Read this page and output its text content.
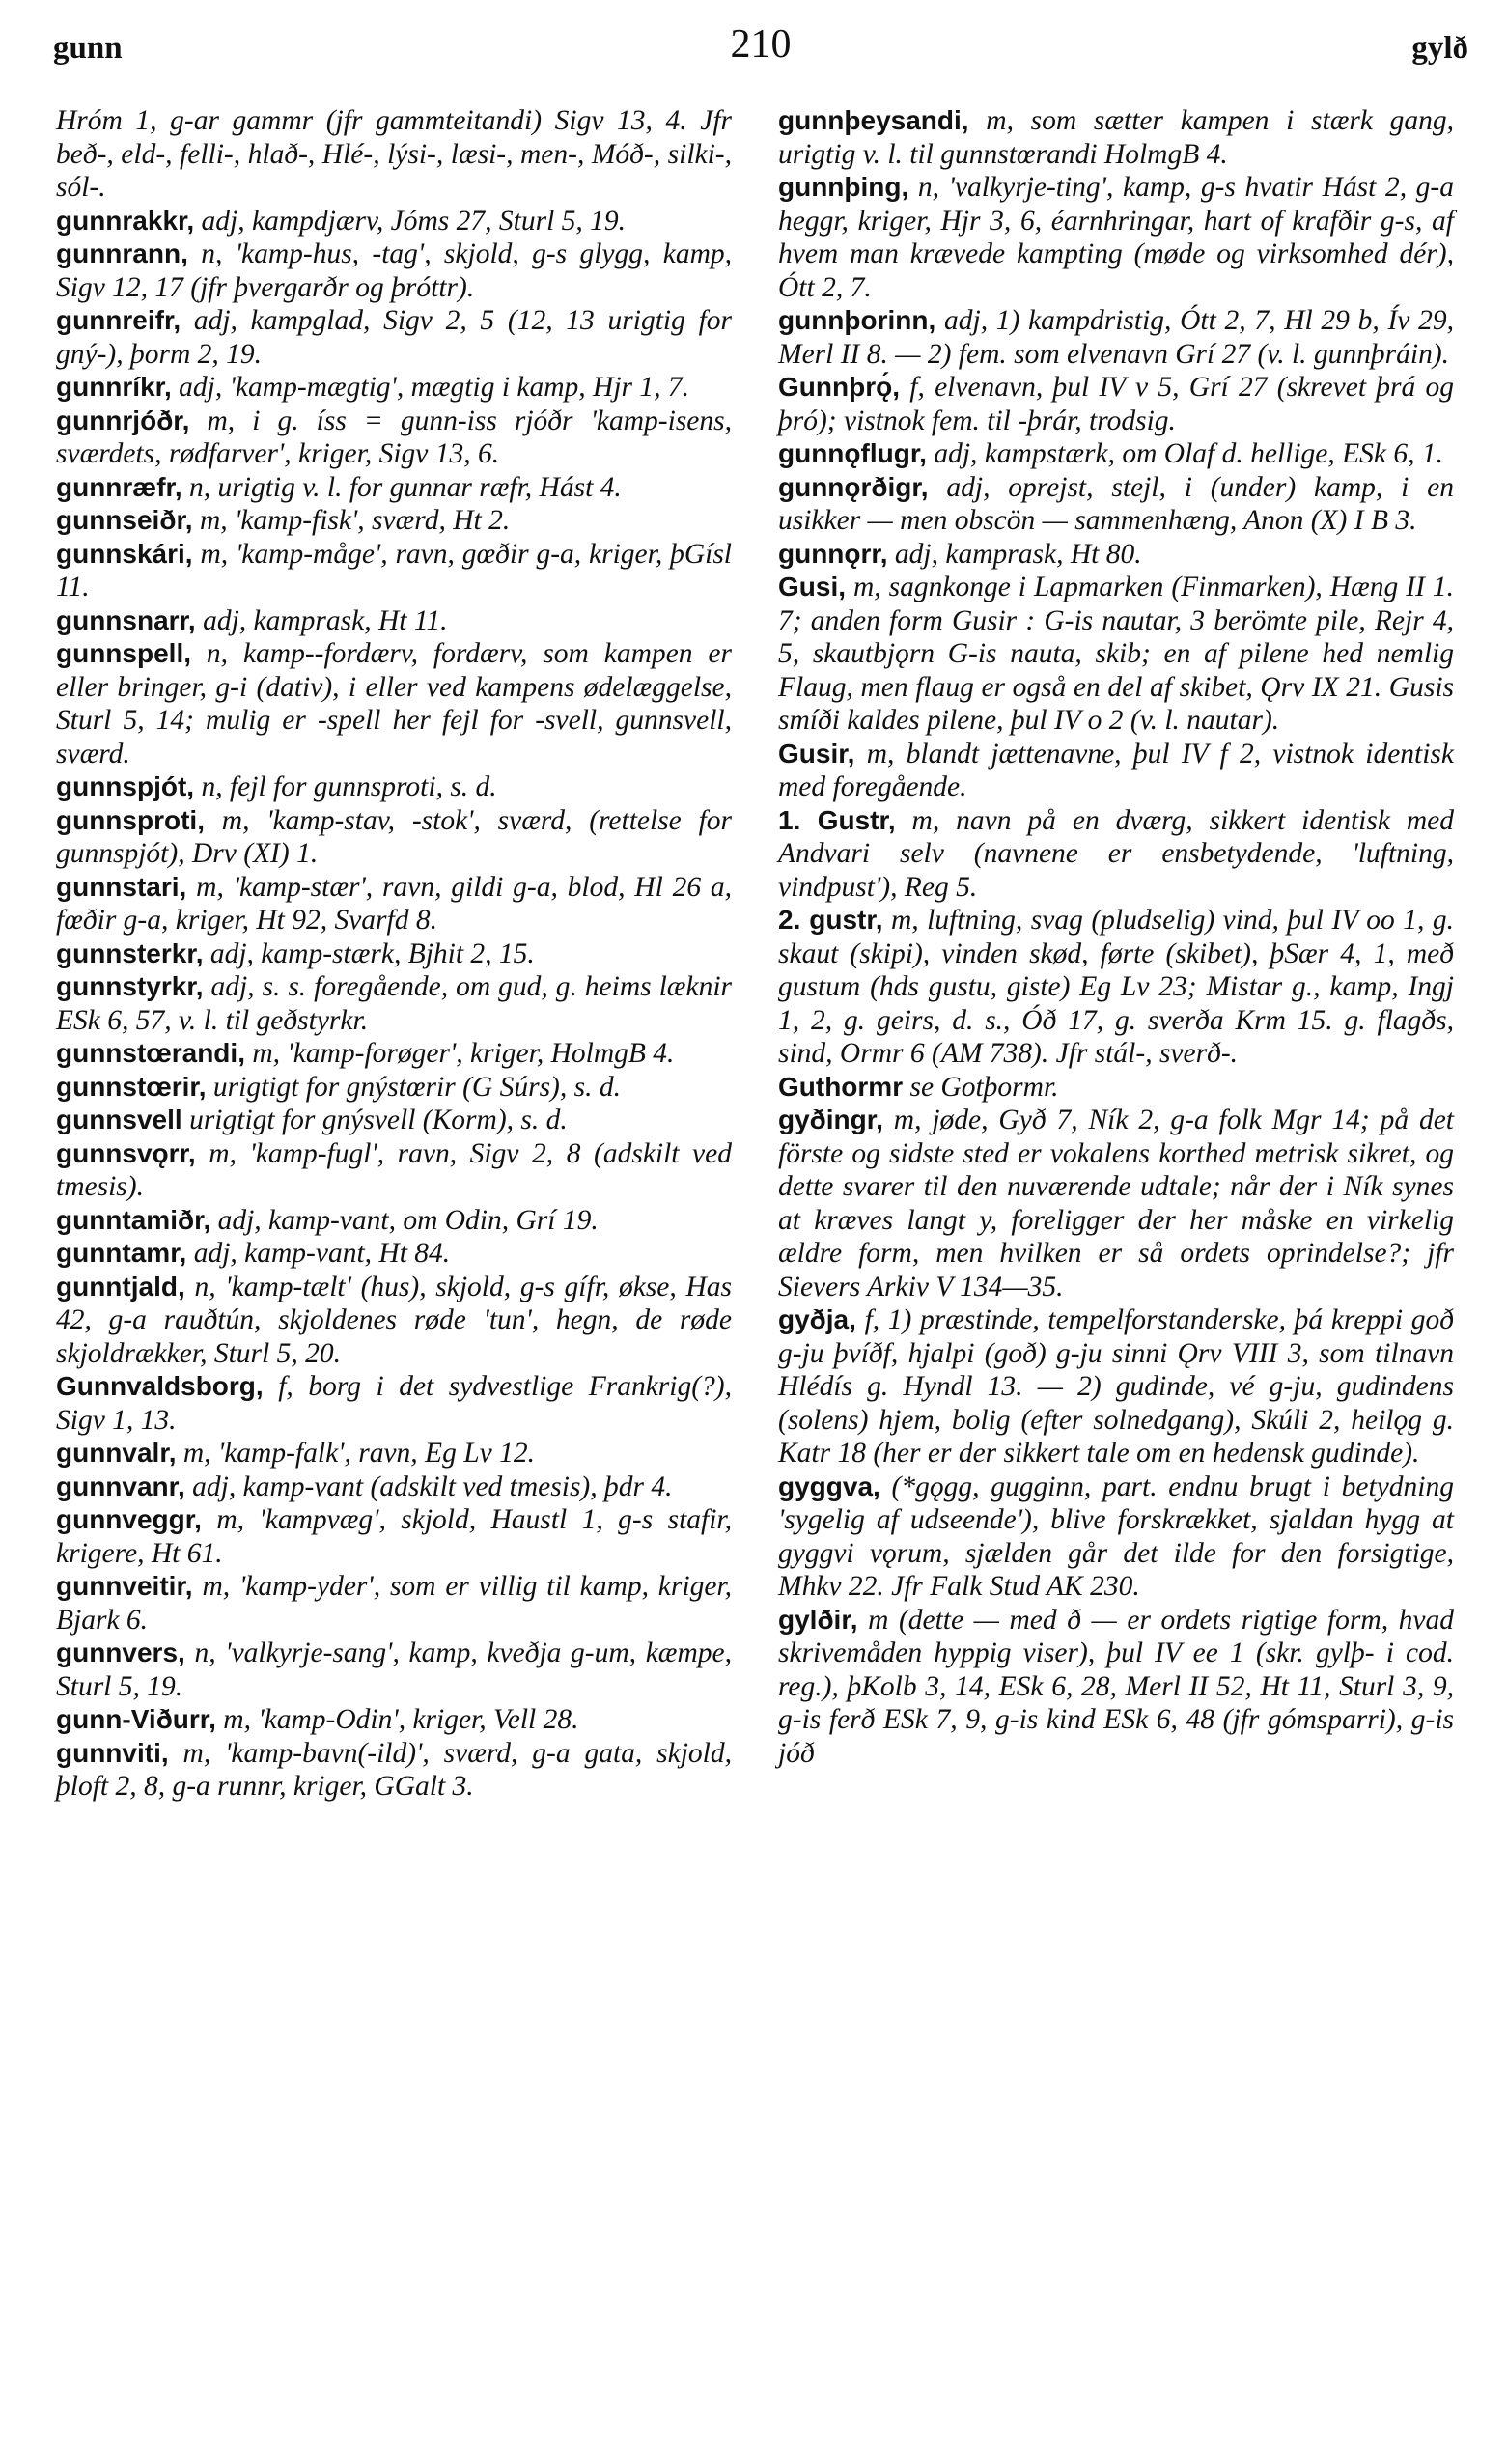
gunn	210	gylð

Hróm 1, g-ar gammr (jfr gammteitandi) Sigv 13, 4. Jfr beð-, eld-, felli-, hlað-, Hlé-, lýsi-, læsi-, men-, Móð-, silki-, sól-.

gunnrakkr, adj, kampdjærv, Jóms 27, Sturl 5, 19.

gunnrann, n, 'kamp-hus, -tag', skjold, g-s glygg, kamp, Sigv 12, 17 (jfr þvergarðr og þróttr).

gunnreifr, adj, kampglad, Sigv 2, 5 (12, 13 urigtig for gný-), þorm 2, 19.

gunnríkr, adj, 'kamp-mægtig', mægtig i kamp, Hjr 1, 7.

gunnrjóðr, m, i g. íss = gunn-iss rjóðr 'kamp-isens, sværdets, rødfarver', kriger, Sigv 13, 6.

gunnræfr, n, urigtig v. l. for gunnar ræfr, Hást 4.

gunnseiðr, m, 'kamp-fisk', sværd, Ht 2.

gunnskári, m, 'kamp-måge', ravn, gœðir g-a, kriger, þGísl 11.

gunnsnarr, adj, kamprask, Ht 11.

gunnspell, n, kamp--fordærv, fordærv, som kampen er eller bringer, g-i (dativ), i eller ved kampens ødelæggelse, Sturl 5, 14; mulig er -spell her fejl for -svell, gunnsvell, sværd.

gunnspjót, n, fejl for gunnsproti, s. d.

gunnsproti, m, 'kamp-stav, -stok', sværd, (rettelse for gunnspjót), Drv (XI) 1.

gunnstari, m, 'kamp-stær', ravn, gildi g-a, blod, Hl 26 a, fœðir g-a, kriger, Ht 92, Svarfd 8.

gunnsterkr, adj, kamp-stærk, Bjhit 2, 15.

gunnstyrkr, adj, s. s. foregående, om gud, g. heims læknir ESk 6, 57, v. l. til geðstyrkr.

gunnstœrandi, m, 'kamp-forøger', kriger, HolmgB 4.

gunnstœrir, urigtigt for gnýstœrir (G Súrs), s. d.

gunnsvell urigtigt for gnýsvell (Korm), s. d.

gunnsvǫrr, m, 'kamp-fugl', ravn, Sigv 2, 8 (adskilt ved tmesis).

gunntamiðr, adj, kamp-vant, om Odin, Grí 19.

gunntamr, adj, kamp-vant, Ht 84.

gunntjald, n, 'kamp-tælt' (hus), skjold, g-s gífr, økse, Has 42, g-a rauðtún, skjoldenes røde 'tun', hegn, de røde skjoldrækker, Sturl 5, 20.

Gunnvaldsborg, f, borg i det sydvestlige Frankrig(?), Sigv 1, 13.

gunnvalr, m, 'kamp-falk', ravn, Eg Lv 12.

gunnvanr, adj, kamp-vant (adskilt ved tmesis), þdr 4.

gunnveggr, m, 'kampvæg', skjold, Haustl 1, g-s stafir, krigere, Ht 61.

gunnveitir, m, 'kamp-yder', som er villig til kamp, kriger, Bjark 6.

gunnvers, n, 'valkyrje-sang', kamp, kveðja g-um, kæmpe, Sturl 5, 19.

gunn-Viðurr, m, 'kamp-Odin', kriger, Vell 28.

gunnviti, m, 'kamp-bavn(-ild)', sværd, g-a gata, skjold, þloft 2, 8, g-a runnr, kriger, GGalt 3.

gunnþeysandi, m, som sætter kampen i stærk gang, urigtig v. l. til gunnstœrandi HolmgB 4.

gunnþing, n, 'valkyrje-ting', kamp, g-s hvatir Hást 2, g-a heggr, kriger, Hjr 3, 6, éarnhringar, hart of krafðir g-s, af hvem man krævede kampting (møde og virksomhed dér), Ótt 2, 7.

gunnþorinn, adj, 1) kampdristig, Ótt 2, 7, Hl 29 b, Ív 29, Merl II 8. — 2) fem. som elvenavn Grí 27 (v. l. gunnþráin).

Gunnþrǫ́, f, elvenavn, þul IV v 5, Grí 27 (skrevet þrá og þró); vistnok fem. til -þrár, trodsig.

gunnǫflugr, adj, kampstærk, om Olaf d. hellige, ESk 6, 1.

gunnǫrðigr, adj, oprejst, stejl, i (under) kamp, i en usikker — men obscön — sammenhæng, Anon (X) I B 3.

gunnǫrr, adj, kamprask, Ht 80.

Gusi, m, sagnkonge i Lapmarken (Finmarken), Hæng II 1. 7; anden form Gusir : G-is nautar, 3 berömte pile, Rejr 4, 5, skautbjǫrn G-is nauta, skib; en af pilene hed nemlig Flaug, men flaug er også en del af skibet, Ǫrv IX 21. Gusis smíði kaldes pilene, þul IV o 2 (v. l. nautar).

Gusir, m, blandt jættenavne, þul IV f 2, vistnok identisk med foregående.

1. Gustr, m, navn på en dværg, sikkert identisk med Andvari selv (navnene er ensbetydende, 'luftning, vindpust'), Reg 5.

2. gustr, m, luftning, svag (pludselig) vind, þul IV oo 1, g. skaut (skipi), vinden skød, førte (skibet), þSær 4, 1, með gustum (hds gustu, giste) Eg Lv 23; Mistar g., kamp, Ingj 1, 2, g. geirs, d. s., Óð 17, g. sverða Krm 15. g. flagðs, sind, Ormr 6 (AM 738). Jfr stál-, sverð-.

Guthormr se Gotþormr.

gyðingr, m, jøde, Gyð 7, Ník 2, g-a folk Mgr 14; på det förste og sidste sted er vokalens korthed metrisk sikret, og dette svarer til den nuværende udtale; når der i Ník synes at kræves langt y, foreligger der her måske en virkelig ældre form, men hvilken er så ordets oprindelse?; jfr Sievers Arkiv V 134—35.

gyðja, f, 1) præstinde, tempelforstanderske, þá kreppi goð g-ju þvíðf, hjalpi (goð) g-ju sinni Ǫrv VIII 3, som tilnavn Hlédís g. Hyndl 13. — 2) gudinde, vé g-ju, gudindens (solens) hjem, bolig (efter solnedgang), Skúli 2, heilǫg g. Katr 18 (her er der sikkert tale om en hedensk gudinde).

gyggva, (*gǫgg, gugginn, part. endnu brugt i betydning 'sygelig af udseende'), blive forskrækket, sjaldan hygg at gyggvi vǫrum, sjælden går det ilde for den forsigtige, Mhkv 22. Jfr Falk Stud AK 230.

gylðir, m (dette — med ð — er ordets rigtige form, hvad skrivemåden hyppig viser), þul IV ee 1 (skr. gylþ- i cod. reg.), þKolb 3, 14, ESk 6, 28, Merl II 52, Ht 11, Sturl 3, 9, g-is ferð ESk 7, 9, g-is kind ESk 6, 48 (jfr gómsparri), g-is jóð
